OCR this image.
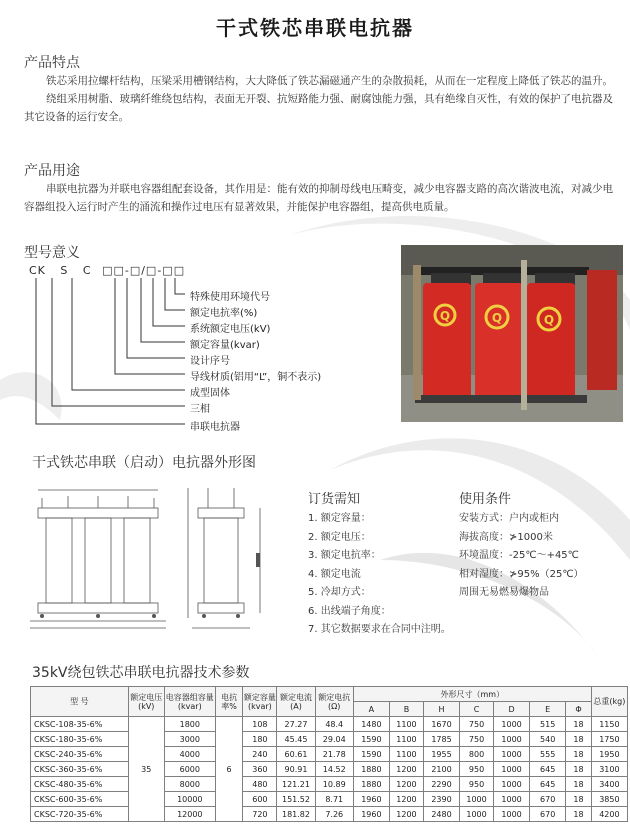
干式铁芯串联电抗器
产品特点

铁芯采用拉螺杆结构，压梁采用槽钢结构，大大降低了铁芯漏磁通产生的杂散损耗，从而在一定程度上降低了铁芯的温升。

绕组采用树脂、玻璃纤维绕包结构，表面无开裂、抗短路能力强、耐腐蚀能力强，具有绝缘自灭性，有效的保护了电抗器及其它设备的运行安全。

产品用途

串联电抗器为并联电容器组配套设备，其作用是：能有效的抑制母线电压畸变，减少电容器支路的高次谐波电流，对减少电容器组投入运行时产生的涌流和操作过电压有显著效果，并能保护电容器组，提高供电质量。

型号意义
CK S C □□-□/□-□□
特殊使用环境代号
额定电抗率(%)
系统额定电压(kV)
额定容量(kvar)
设计序号
导线材质(铝用“L”，铜不表示)
成型固体
三相
串联电抗器
Q	Q	Q
干式铁芯串联（启动）电抗器外形图
订货需知
1. 额定容量：
2. 额定电压：
3. 额定电抗率：
4. 额定电流
5. 冷却方式：
6. 出线端子角度：
7. 其它数据要求在合同中注明。
使用条件
安装方式：户内或柜内
海拔高度：≯1000米
环境温度：-25℃～+45℃
相对湿度：≯95%（25℃）
周围无易燃易爆物品
35kV绕包铁芯串联电抗器技术参数
型 号	额定电压(kV)	电容器组容量(kvar)	电抗率%	额定容量(kvar)	额定电流(A)	额定电抗(Ω)	外形尺寸（mm）							总重(kg)
							A	B	H	C	D	E	Φ	
CKSC-108-35-6%	35	1800	6	108	27.27	48.4	1480	1100	1670	750	1000	515	18	1150
CKSC-180-35-6%		3000		180	45.45	29.04	1590	1100	1785	750	1000	540	18	1750
CKSC-240-35-6%		4000		240	60.61	21.78	1590	1100	1955	800	1000	555	18	1950
CKSC-360-35-6%		6000		360	90.91	14.52	1880	1200	2100	950	1000	645	18	3100
CKSC-480-35-6%		8000		480	121.21	10.89	1880	1200	2290	950	1000	645	18	3400
CKSC-600-35-6%		10000		600	151.52	8.71	1960	1200	2390	1000	1000	670	18	3850
CKSC-720-35-6%		12000		720	181.82	7.26	1960	1200	2480	1000	1000	670	18	4200
